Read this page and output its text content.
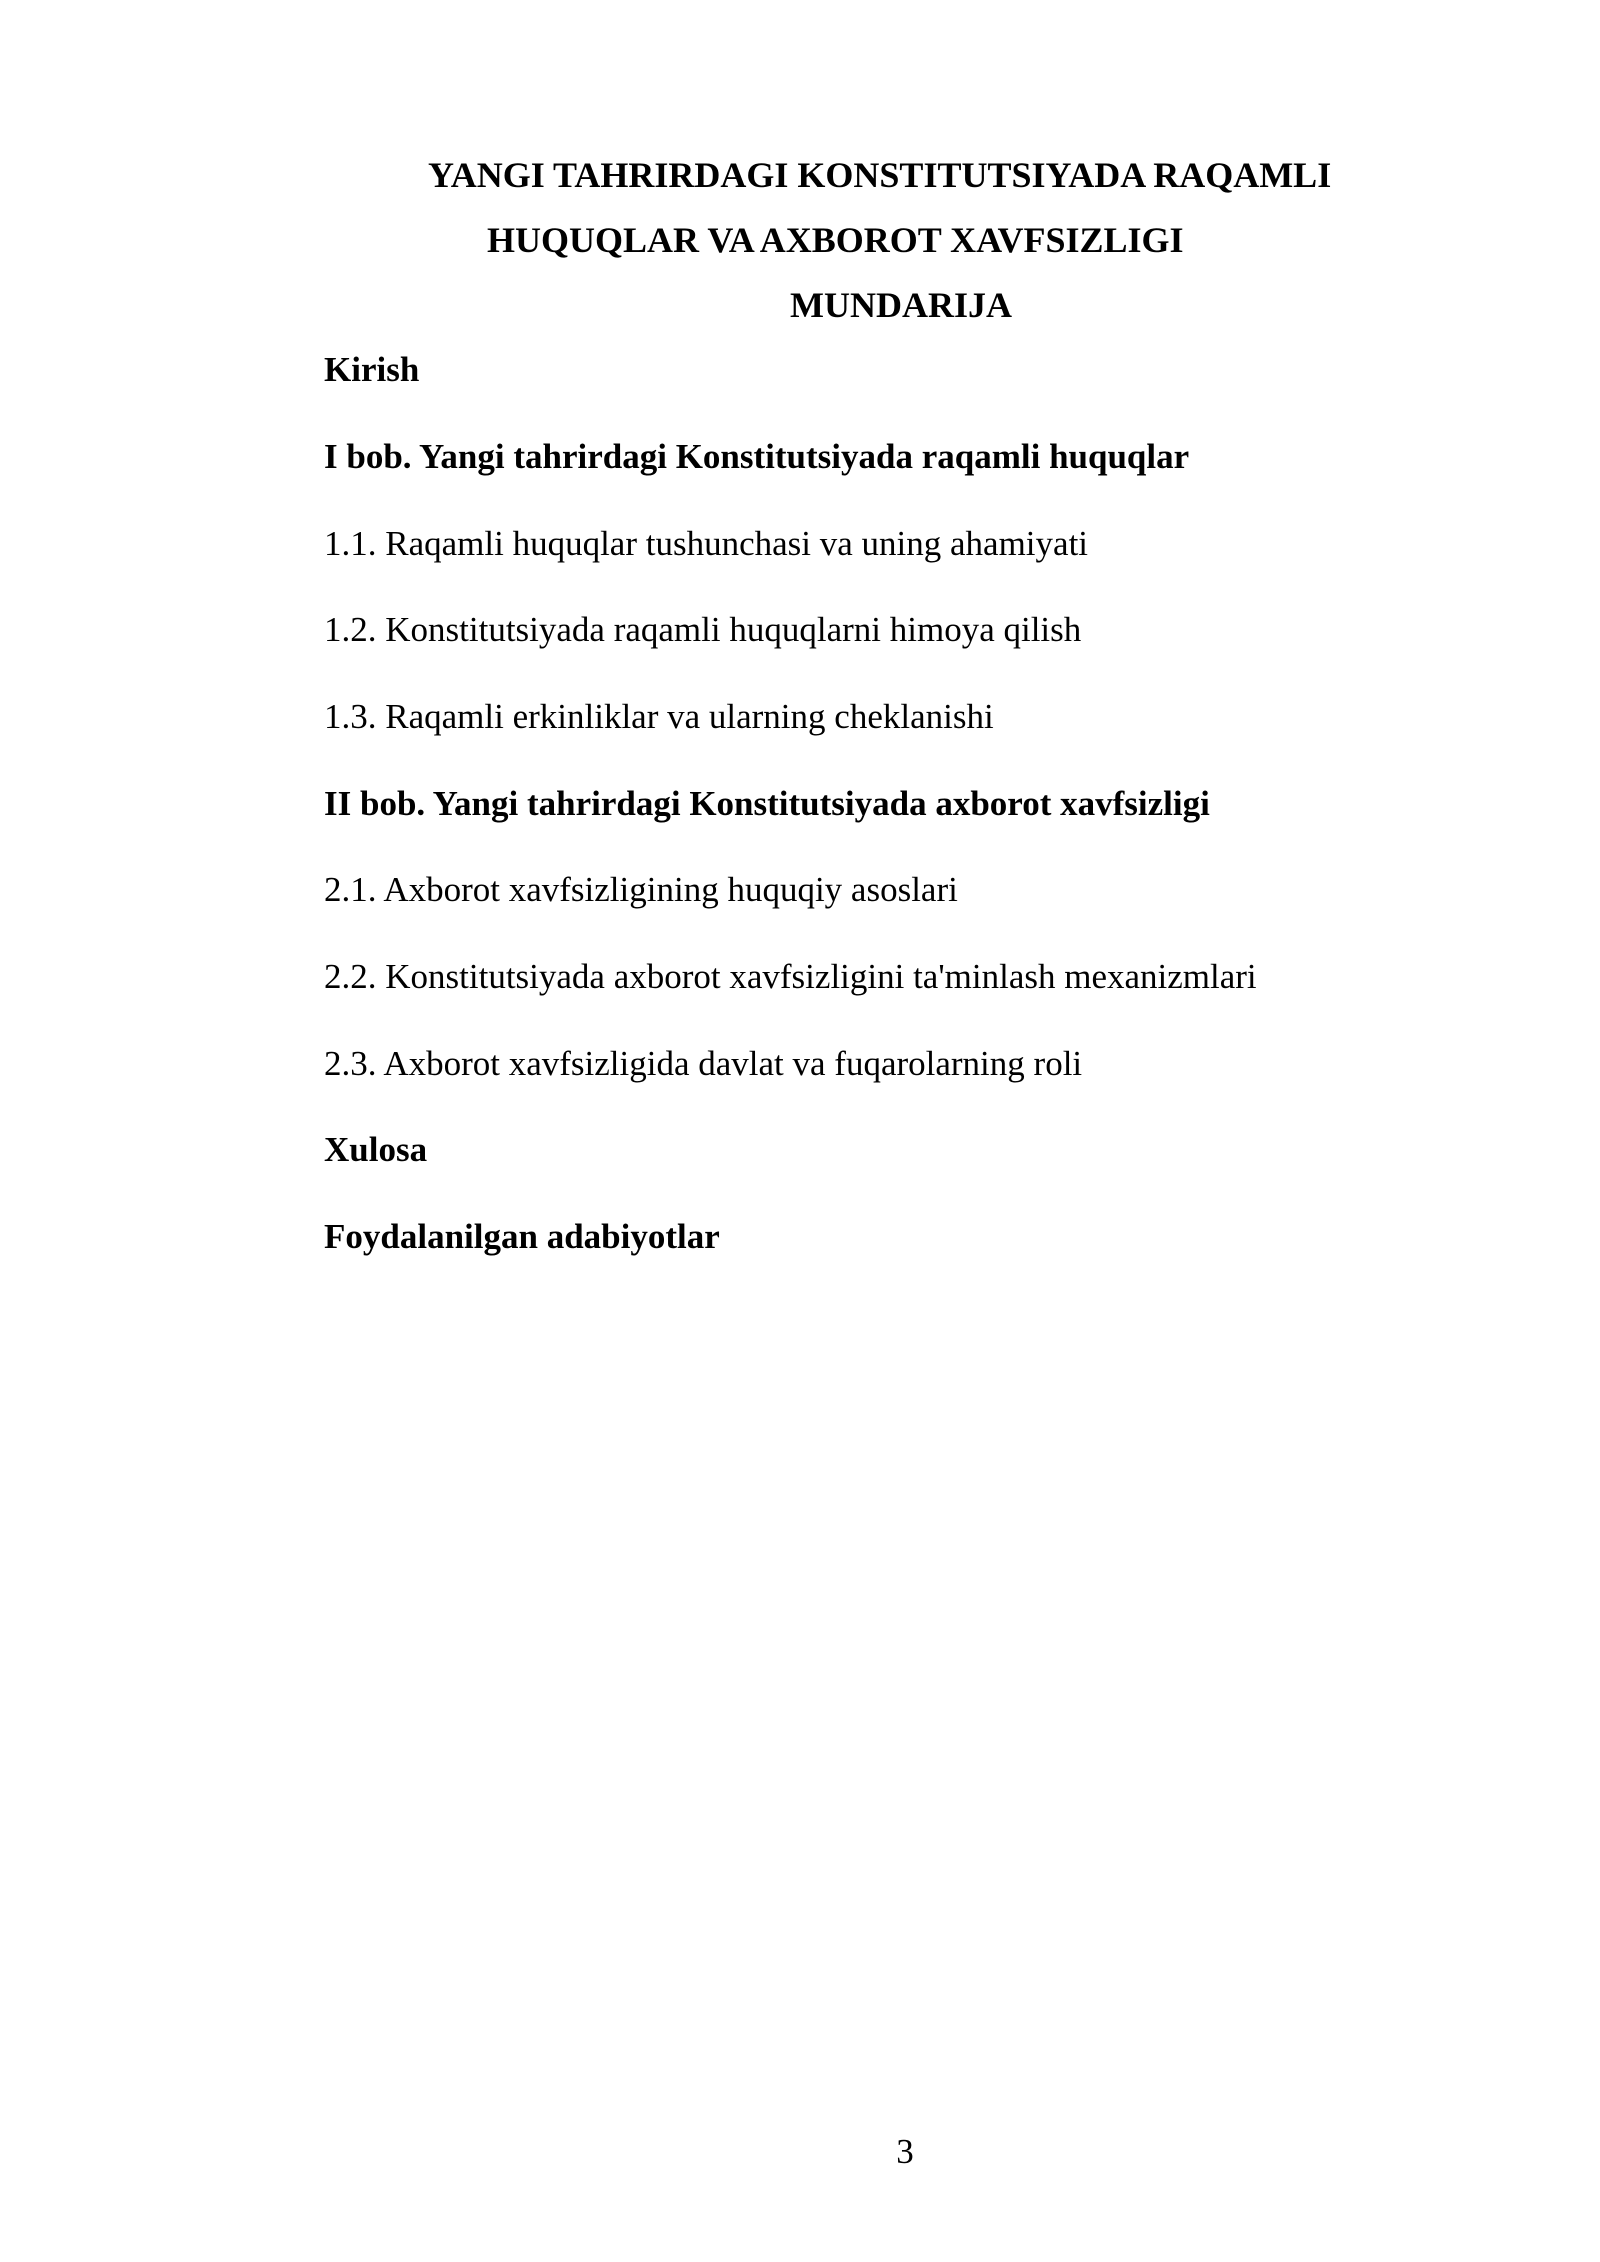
YANGI TAHRIRDAGI KONSTITUTSIYADA RAQAMLI
HUQUQLAR VA AXBOROT XAVFSIZLIGI
MUNDARIJA
Kirish
I bob. Yangi tahrirdagi Konstitutsiyada raqamli huquqlar
1.1. Raqamli huquqlar tushunchasi va uning ahamiyati
1.2. Konstitutsiyada raqamli huquqlarni himoya qilish
1.3. Raqamli erkinliklar va ularning cheklanishi
II bob. Yangi tahrirdagi Konstitutsiyada axborot xavfsizligi
2.1. Axborot xavfsizligining huquqiy asoslari
2.2. Konstitutsiyada axborot xavfsizligini ta'minlash mexanizmlari
2.3. Axborot xavfsizligida davlat va fuqarolarning roli
Xulosa
Foydalanilgan adabiyotlar
3
